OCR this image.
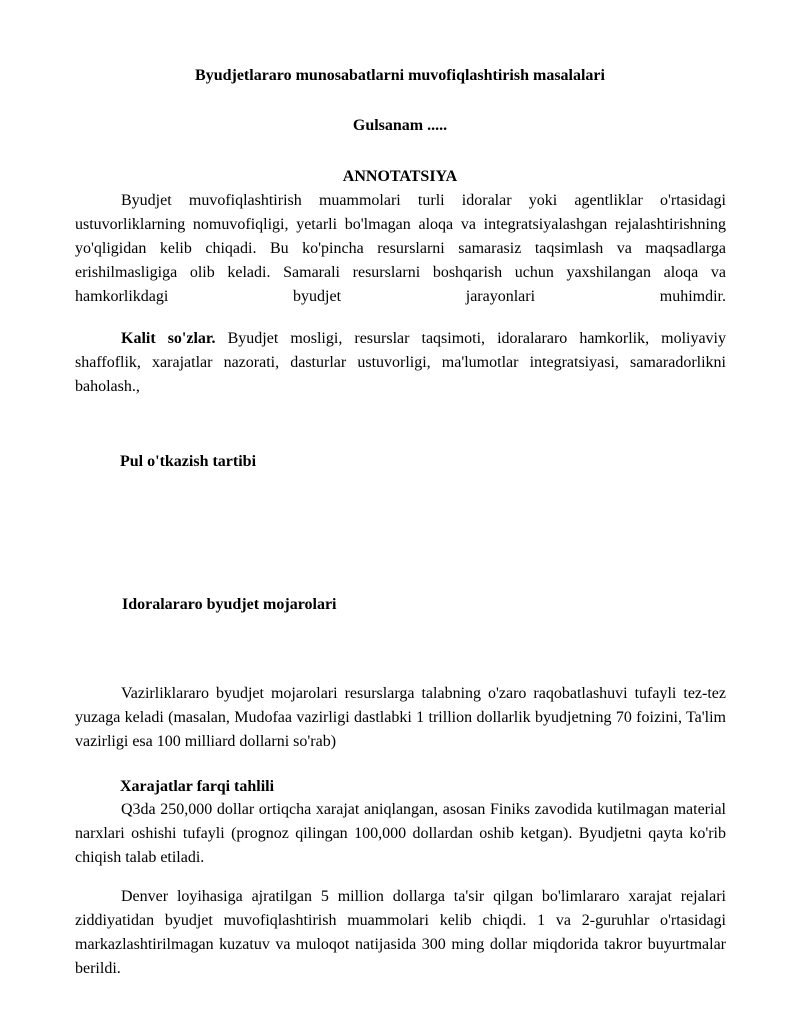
Byudjetlararo munosabatlarni muvofiqlashtirish masalalari

Gulsanam .....

ANNOTATSIYA

Byudjet muvofiqlashtirish muammolari turli idoralar yoki agentliklar o'rtasidagi ustuvorliklarning nomuvofiqligi, yetarli bo'lmagan aloqa va integratsiyalashgan rejalashtirishning yo'qligidan kelib chiqadi. Bu ko'pincha resurslarni samarasiz taqsimlash va maqsadlarga erishilmasligiga olib keladi. Samarali resurslarni boshqarish uchun yaxshilangan aloqa va hamkorlikdagi byudjet jarayonlari muhimdir.

Kalit so'zlar. Byudjet mosligi, resurslar taqsimoti, idoralararo hamkorlik, moliyaviy shaffoflik, xarajatlar nazorati, dasturlar ustuvorligi, ma'lumotlar integratsiyasi, samaradorlikni baholash.,

Pul o'tkazish tartibi

Idoralararo byudjet mojarolari

Vazirliklararo byudjet mojarolari resurslarga talabning o'zaro raqobatlashuvi tufayli tez-tez yuzaga keladi (masalan, Mudofaa vazirligi dastlabki 1 trillion dollarlik byudjetning 70 foizini, Ta'lim vazirligi esa 100 milliard dollarni so'rab)

Xarajatlar farqi tahlili

Q3da 250,000 dollar ortiqcha xarajat aniqlangan, asosan Finiks zavodida kutilmagan material narxlari oshishi tufayli (prognoz qilingan 100,000 dollardan oshib ketgan). Byudjetni qayta ko'rib chiqish talab etiladi.

Denver loyihasiga ajratilgan 5 million dollarga ta'sir qilgan bo'limlararo xarajat rejalari ziddiyatidan byudjet muvofiqlashtirish muammolari kelib chiqdi. 1 va 2-guruhlar o'rtasidagi markazlashtirilmagan kuzatuv va muloqot natijasida 300 ming dollar miqdorida takror buyurtmalar berildi.
